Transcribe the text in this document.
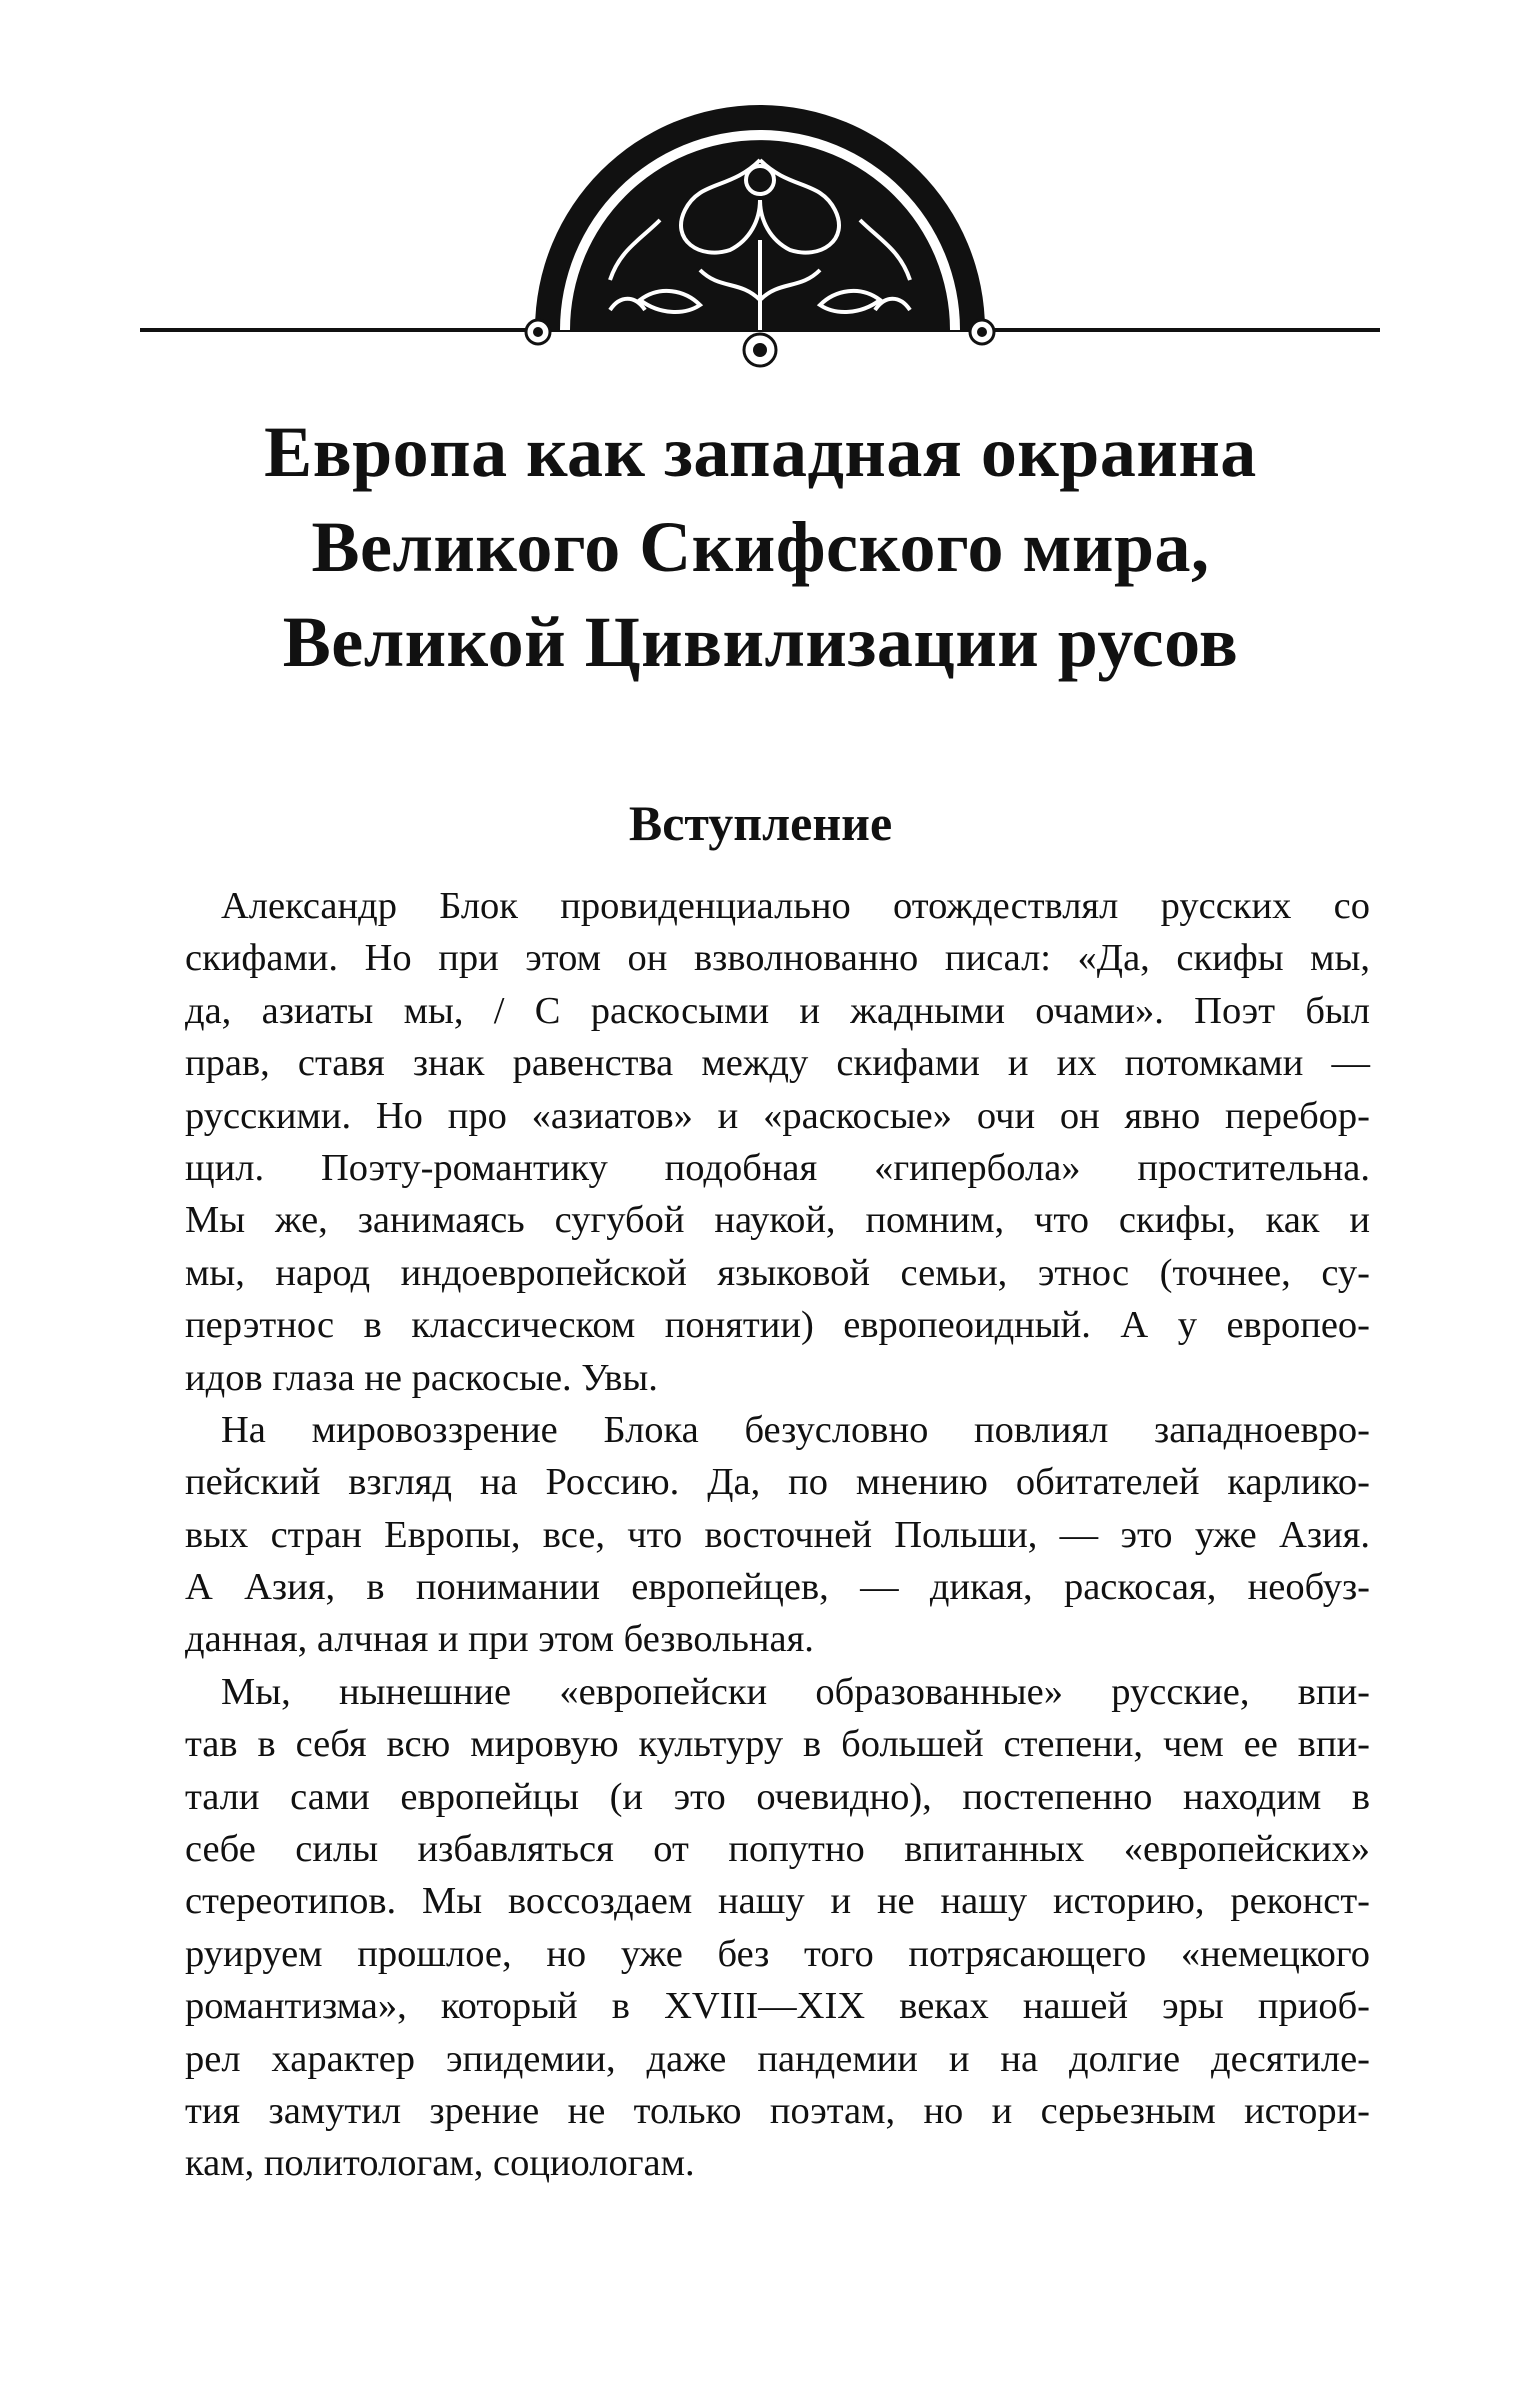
Европа как западная окраина
Великого Скифского мира,
Великой Цивилизации русов
Вступление
Александр Блок провиденциально отождествлял русских со
скифами. Но при этом он взволнованно писал: «Да, скифы мы,
да, азиаты мы, / С раскосыми и жадными очами». Поэт был
прав, ставя знак равенства между скифами и их потомками —
русскими. Но про «азиатов» и «раскосые» очи он явно перебор-
щил. Поэту-романтику подобная «гипербола» простительна.
Мы же, занимаясь сугубой наукой, помним, что скифы, как и
мы, народ индоевропейской языковой семьи, этнос (точнее, су-
перэтнос в классическом понятии) европеоидный. А у европео-
идов глаза не раскосые. Увы.
На мировоззрение Блока безусловно повлиял западноевро-
пейский взгляд на Россию. Да, по мнению обитателей карлико-
вых стран Европы, все, что восточней Польши, — это уже Азия.
А Азия, в понимании европейцев, — дикая, раскосая, необуз-
данная, алчная и при этом безвольная.
Мы, нынешние «европейски образованные» русские, впи-
тав в себя всю мировую культуру в большей степени, чем ее впи-
тали сами европейцы (и это очевидно), постепенно находим в
себе силы избавляться от попутно впитанных «европейских»
стереотипов. Мы воссоздаем нашу и не нашу историю, реконст-
руируем прошлое, но уже без того потрясающего «немецкого
романтизма», который в XVIII—XIX веках нашей эры приоб-
рел характер эпидемии, даже пандемии и на долгие десятиле-
тия замутил зрение не только поэтам, но и серьезным истори-
кам, политологам, социологам.
